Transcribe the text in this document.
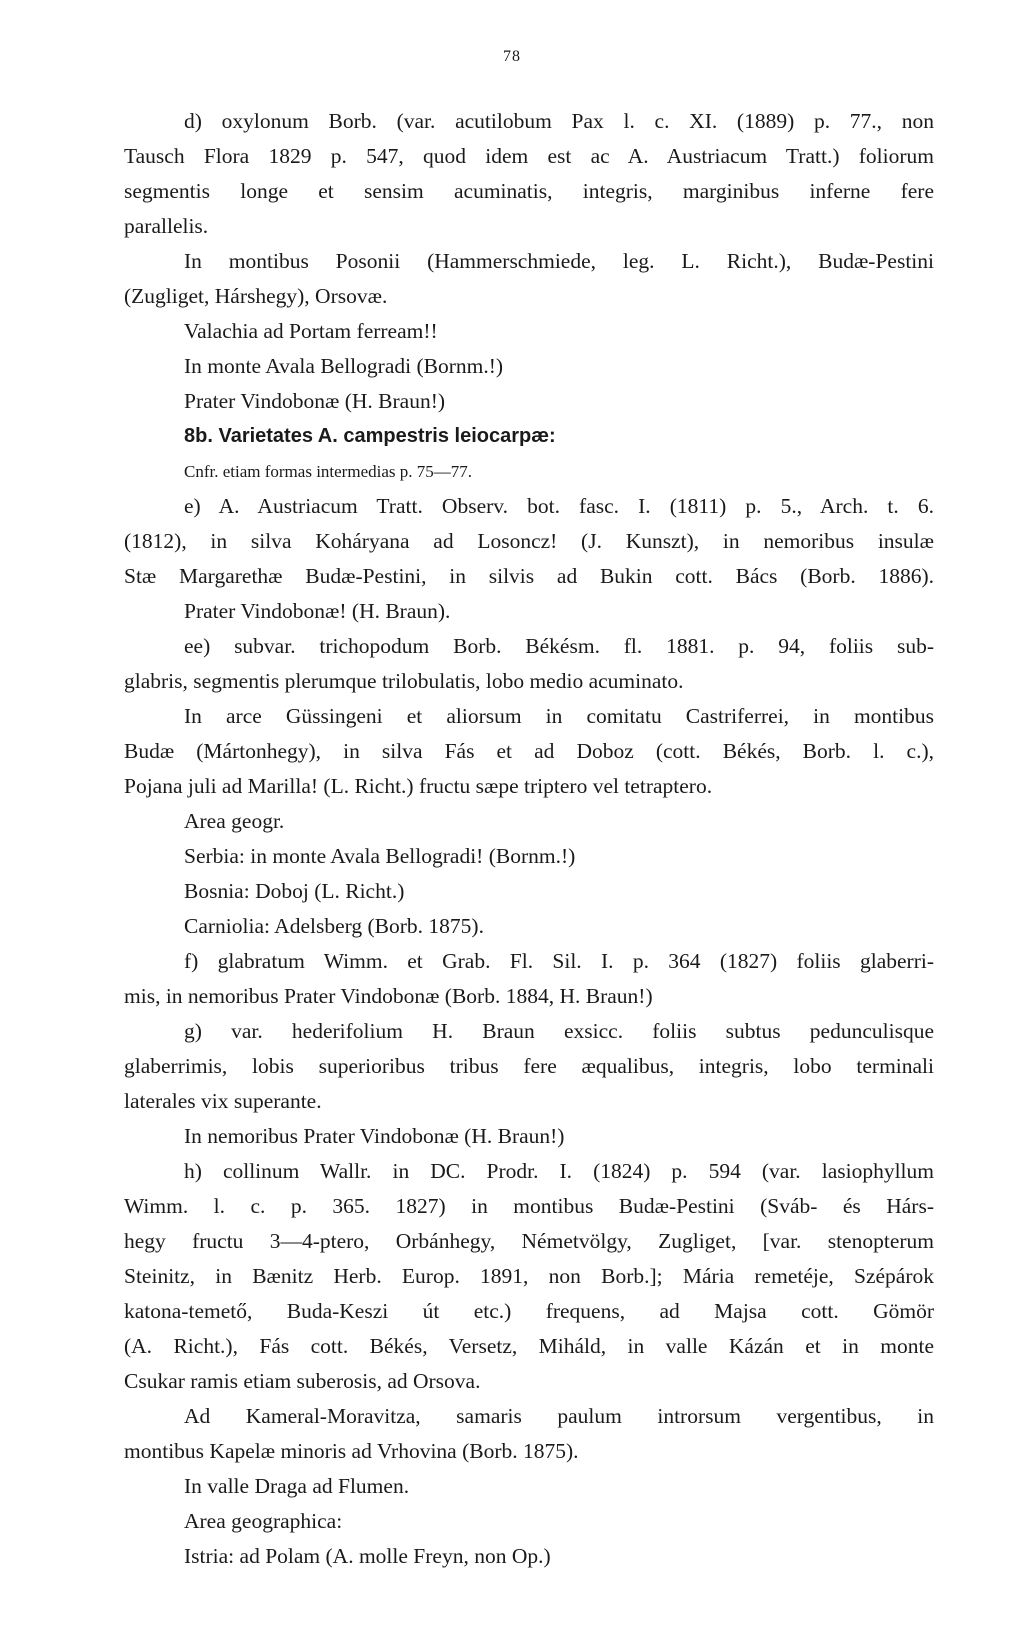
78
d) oxylonum Borb. (var. acutilobum Pax l. c. XI. (1889) p. 77., non
Tausch Flora 1829 p. 547, quod idem est ac A. Austriacum Tratt.) foliorum
segmentis longe et sensim acuminatis, integris, marginibus inferne fere
parallelis.
In montibus Posonii (Hammerschmiede, leg. L. Richt.), Budæ-Pestini
(Zugliget, Hárshegy), Orsovæ.
Valachia ad Portam ferream!!
In monte Avala Bellogradi (Bornm.!)
Prater Vindobonæ (H. Braun!)
8b. Varietates A. campestris leiocarpæ:
Cnfr. etiam formas intermedias p. 75—77.
e) A. Austriacum Tratt. Observ. bot. fasc. I. (1811) p. 5., Arch. t. 6.
(1812), in silva Koháryana ad Losoncz! (J. Kunszt), in nemoribus insulæ
Stæ Margarethæ Budæ-Pestini, in silvis ad Bukin cott. Bács (Borb. 1886).
Prater Vindobonæ! (H. Braun).
ee) subvar. trichopodum Borb. Békésm. fl. 1881. p. 94, foliis sub-
glabris, segmentis plerumque trilobulatis, lobo medio acuminato.
In arce Güssingeni et aliorsum in comitatu Castriferrei, in montibus
Budæ (Mártonhegy), in silva Fás et ad Doboz (cott. Békés, Borb. l. c.),
Pojana juli ad Marilla! (L. Richt.) fructu sæpe triptero vel tetraptero.
Area geogr.
Serbia: in monte Avala Bellogradi! (Bornm.!)
Bosnia: Doboj (L. Richt.)
Carniolia: Adelsberg (Borb. 1875).
f) glabratum Wimm. et Grab. Fl. Sil. I. p. 364 (1827) foliis glaberri-
mis, in nemoribus Prater Vindobonæ (Borb. 1884, H. Braun!)
g) var. hederifolium H. Braun exsicc. foliis subtus pedunculisque
glaberrimis, lobis superioribus tribus fere æqualibus, integris, lobo terminali
laterales vix superante.
In nemoribus Prater Vindobonæ (H. Braun!)
h) collinum Wallr. in DC. Prodr. I. (1824) p. 594 (var. lasiophyllum
Wimm. l. c. p. 365. 1827) in montibus Budæ-Pestini (Sváb- és Hárs-
hegy fructu 3—4-ptero, Orbánhegy, Németvölgy, Zugliget, [var. stenopterum
Steinitz, in Bænitz Herb. Europ. 1891, non Borb.]; Mária remetéje, Szépárok
katona-temető, Buda-Keszi út etc.) frequens, ad Majsa cott. Gömör
(A. Richt.), Fás cott. Békés, Versetz, Miháld, in valle Kázán et in monte
Csukar ramis etiam suberosis, ad Orsova.
Ad Kameral-Moravitza, samaris paulum introrsum vergentibus, in
montibus Kapelæ minoris ad Vrhovina (Borb. 1875).
In valle Draga ad Flumen.
Area geographica:
Istria: ad Polam (A. molle Freyn, non Op.)
